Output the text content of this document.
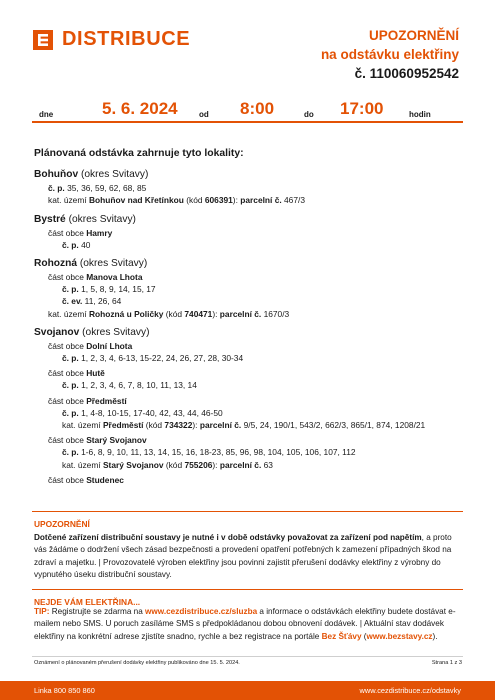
DISTRIBUCE	UPOZORNĚNÍ
na odstávku elektřiny
č. 110060952542
dne	5. 6. 2024	od 8:00	do 17:00	hodin
Plánovaná odstávka zahrnuje tyto lokality:
Bohuňov (okres Svitavy)
č. p. 35, 36, 59, 62, 68, 85
kat. území Bohuňov nad Křetínkou (kód 606391): parcelní č. 467/3
Bystré (okres Svitavy)
část obce Hamry
č. p. 40
Rohozná (okres Svitavy)
část obce Manova Lhota
č. p. 1, 5, 8, 9, 14, 15, 17
č. ev. 11, 26, 64
kat. území Rohozná u Poličky (kód 740471): parcelní č. 1670/3
Svojanov (okres Svitavy)
část obce Dolní Lhota
č. p. 1, 2, 3, 4, 6-13, 15-22, 24, 26, 27, 28, 30-34
část obce Hutě
č. p. 1, 2, 3, 4, 6, 7, 8, 10, 11, 13, 14
část obce Předměstí
č. p. 1, 4-8, 10-15, 17-40, 42, 43, 44, 46-50
kat. území Předměstí (kód 734322): parcelní č. 9/5, 24, 190/1, 543/2, 662/3, 865/1, 874, 1208/21
část obce Starý Svojanov
č. p. 1-6, 8, 9, 10, 11, 13, 14, 15, 16, 18-23, 85, 96, 98, 104, 105, 106, 107, 112
kat. území Starý Svojanov (kód 755206): parcelní č. 63
část obce Studenec
UPOZORNĚNÍ
Dotčené zařízení distribuční soustavy je nutné i v době odstávky považovat za zařízení pod napětím, a proto vás žádáme o dodržení všech zásad bezpečnosti a provedení opatření potřebných k zamezení případných škod na zdraví a majetku. | Provozovatelé výroben elektřiny jsou povinni zajistit přerušení dodávky elektřiny z výrobny do vypnutého úseku distribuční soustavy.
NEJDE VÁM ELEKTŘINA...
TIP: Registrujte se zdarma na www.cezdistribuce.cz/sluzba a informace o odstávkách elektřiny budete dostávat e-mailem nebo SMS. U poruch zasíláme SMS s předpokládanou dobou obnovení dodávek. | Aktuální stav dodávek elektřiny na konkrétní adrese zjistíte snadno, rychle a bez registrace na portále Bez Šťávy (www.bezstavy.cz).
Oznámení o plánovaném přerušení dodávky elektřiny publikováno dne 15. 5. 2024.	Strana 1 z 3
Linka 800 850 860	www.cezdistribuce.cz/odstavky
